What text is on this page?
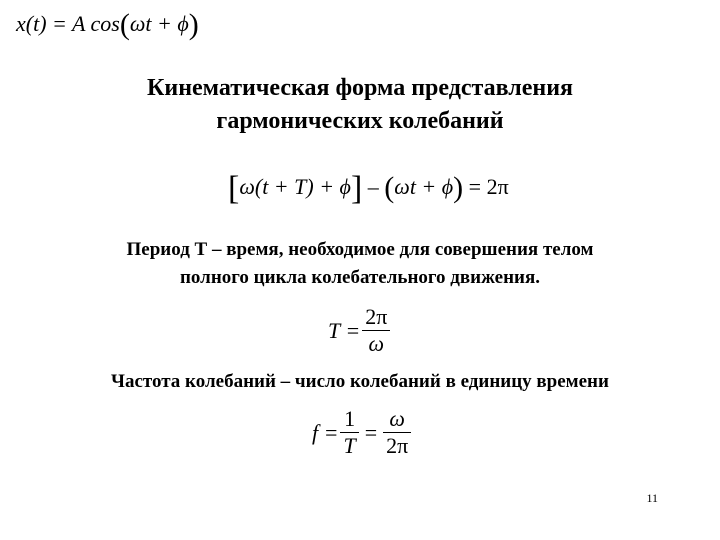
x(t) = A cos(ωt + ϕ)
Кинематическая форма представления
гармонических колебаний
[ω(t + T) + ϕ] – (ωt + ϕ) = 2π
Период Т – время, необходимое для совершения телом
полного цикла колебательного движения.
$T = \frac{2\pi}{\omega}$
Частота колебаний – число колебаний в единицу времени
$f = \frac{1}{T} = \frac{\omega}{2\pi}$
11
